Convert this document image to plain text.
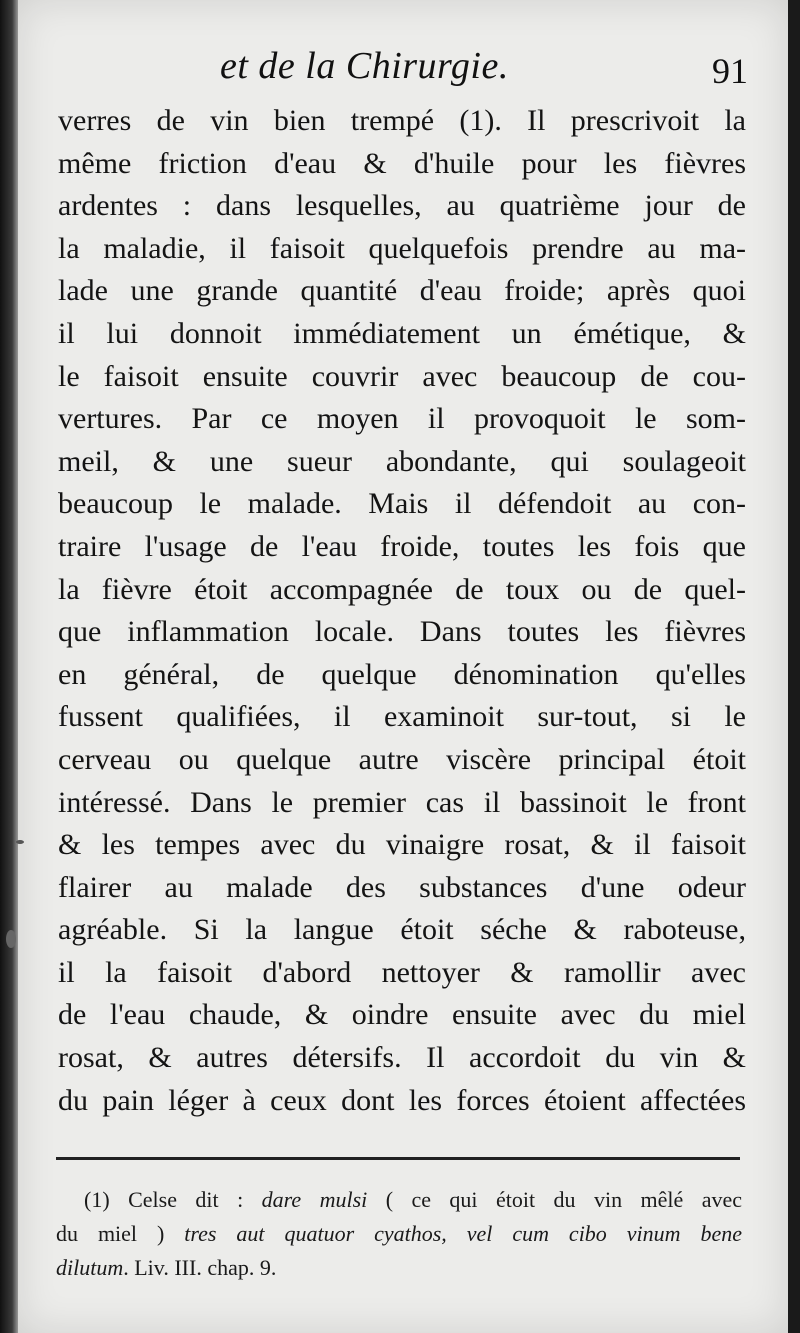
et de la Chirurgie.	91
verres de vin bien trempé (1). Il prescrivoit la
même friction d'eau & d'huile pour les fièvres
ardentes : dans lesquelles, au quatrième jour de
la maladie, il faisoit quelquefois prendre au ma-
lade une grande quantité d'eau froide; après quoi
il lui donnoit immédiatement un émétique, &
le faisoit ensuite couvrir avec beaucoup de cou-
vertures. Par ce moyen il provoquoit le som-
meil, & une sueur abondante, qui soulageoit
beaucoup le malade. Mais il défendoit au con-
traire l'usage de l'eau froide, toutes les fois que
la fièvre étoit accompagnée de toux ou de quel-
que inflammation locale. Dans toutes les fièvres
en général, de quelque dénomination qu'elles
fussent qualifiées, il examinoit sur-tout, si le
cerveau ou quelque autre viscère principal étoit
intéressé. Dans le premier cas il bassinoit le front
& les tempes avec du vinaigre rosat, & il faisoit
flairer au malade des substances d'une odeur
agréable. Si la langue étoit séche & raboteuse,
il la faisoit d'abord nettoyer & ramollir avec
de l'eau chaude, & oindre ensuite avec du miel
rosat, & autres détersifs. Il accordoit du vin &
du pain léger à ceux dont les forces étoient affectées
(1) Celse dit : dare mulsi ( ce qui étoit du vin mêlé avec
du miel ) tres aut quatuor cyathos, vel cum cibo vinum bene
dilutum. Liv. III. chap. 9.
